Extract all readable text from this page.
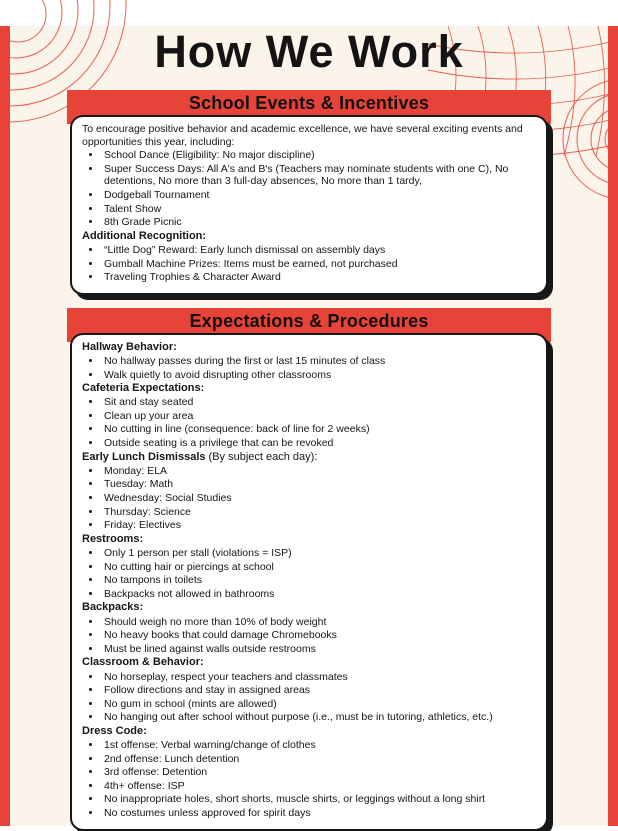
How We Work
School Events & Incentives

To encourage positive behavior and academic excellence, we have several exciting events and opportunities this year, including:

• School Dance (Eligibility: No major discipline)
• Super Success Days: All A's and B's (Teachers may nominate students with one C), No detentions, No more than 3 full-day absences, No more than 1 tardy,
• Dodgeball Tournament
• Talent Show
• 8th Grade Picnic
Additional Recognition:
• “Little Dog” Reward: Early lunch dismissal on assembly days
• Gumball Machine Prizes: Items must be earned, not purchased
• Traveling Trophies & Character Award
Expectations & Procedures
Hallway Behavior:
• No hallway passes during the first or last 15 minutes of class
• Walk quietly to avoid disrupting other classrooms
Cafeteria Expectations:
• Sit and stay seated
• Clean up your area
• No cutting in line (consequence: back of line for 2 weeks)
• Outside seating is a privilege that can be revoked
Early Lunch Dismissals (By subject each day):
• Monday: ELA
• Tuesday: Math
• Wednesday: Social Studies
• Thursday: Science
• Friday: Electives
Restrooms:
• Only 1 person per stall (violations = ISP)
• No cutting hair or piercings at school
• No tampons in toilets
• Backpacks not allowed in bathrooms
Backpacks:
• Should weigh no more than 10% of body weight
• No heavy books that could damage Chromebooks
• Must be lined against walls outside restrooms
Classroom & Behavior:
• No horseplay, respect your teachers and classmates
• Follow directions and stay in assigned areas
• No gum in school (mints are allowed)
• No hanging out after school without purpose (i.e., must be in tutoring, athletics, etc.)
Dress Code:
• 1st offense: Verbal warning/change of clothes
• 2nd offense: Lunch detention
• 3rd offense: Detention
• 4th+ offense: ISP
• No inappropriate holes, short shorts, muscle shirts, or leggings without a long shirt
• No costumes unless approved for spirit days
